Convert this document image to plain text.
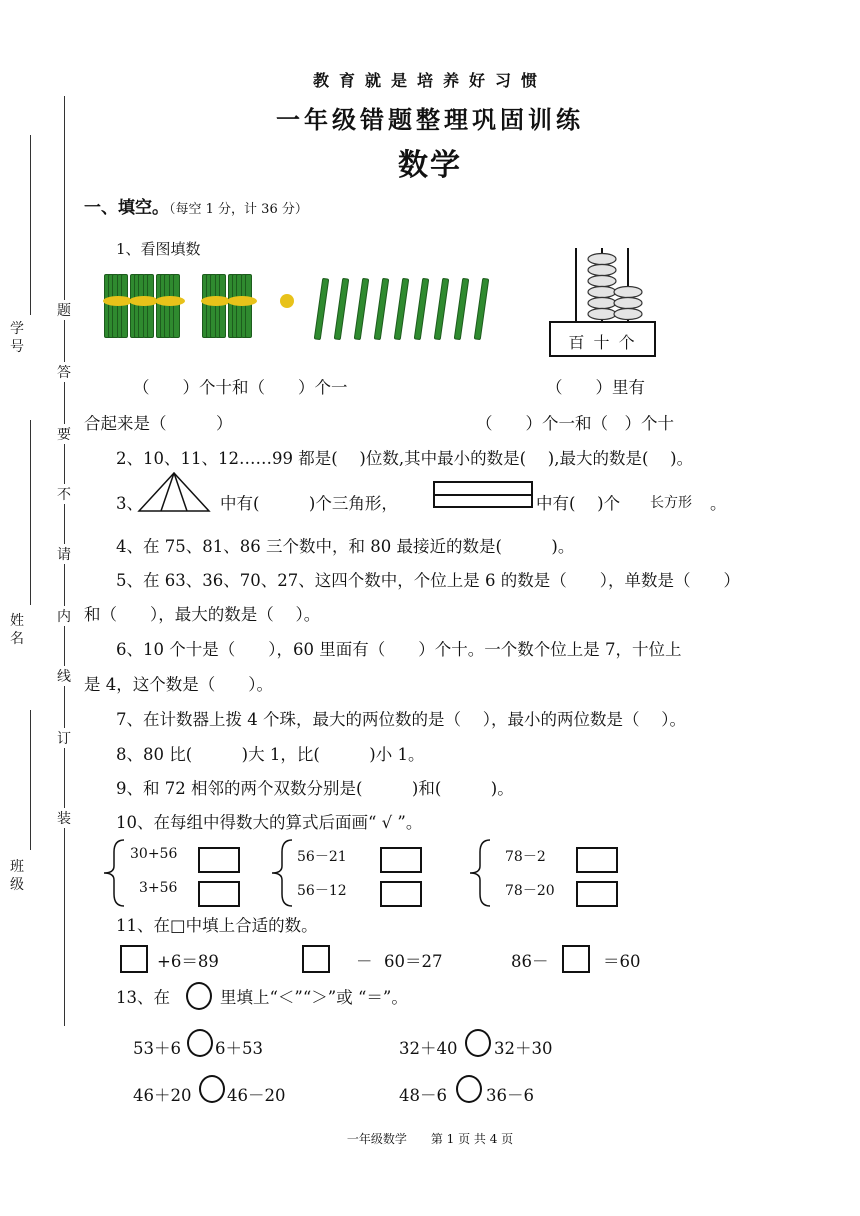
学号
姓名
班级
题
答
要
不
请
内
线
订
装
教育就是培养好习惯
一年级错题整理巩固训练
数学
一、填空。（每空 1 分，计 36 分）
1、看图填数
百 十 个
（　　）个十和（　　）个一
合起来是（　　　）
（　　）里有
（　　）个一和（　）个十
2、10、11、12……99 都是(　 )位数,其中最小的数是(　 ),最大的数是(　 )。
3、	中有(　　　)个三角形，	中有(　 )个 长方形 。
4、在 75、81、86 三个数中，和 80 最接近的数是(　　　)。
5、在 63、36、70、27、这四个数中，个位上是 6 的数是（　　），单数是（　　）
和（　　），最大的数是（　 ）。
6、10 个十是（　　），60 里面有（　　）个十。一个数个位上是 7，十位上
是 4，这个数是（　　）。
7、在计数器上拨 4 个珠，最大的两位数的是（　 ），最小的两位数是（　 ）。
8、80 比(　　　)大 1，比(　　　)小 1。
9、和 72 相邻的两个双数分别是(　　　)和(　　　)。
10、在每组中得数大的算式后面画“ √ ”。
30+56
3+56
56－21
56－12
78－2
78－20
11、在□中填上合适的数。
+6＝89	－ 60＝27	86－	＝60
13、在	里填上“＜”“＞”或 “＝”。
53＋6 6＋53	32＋40 32＋30
46＋20 46－20	48－6 36－6
一年级数学　　第 1 页 共 4 页
